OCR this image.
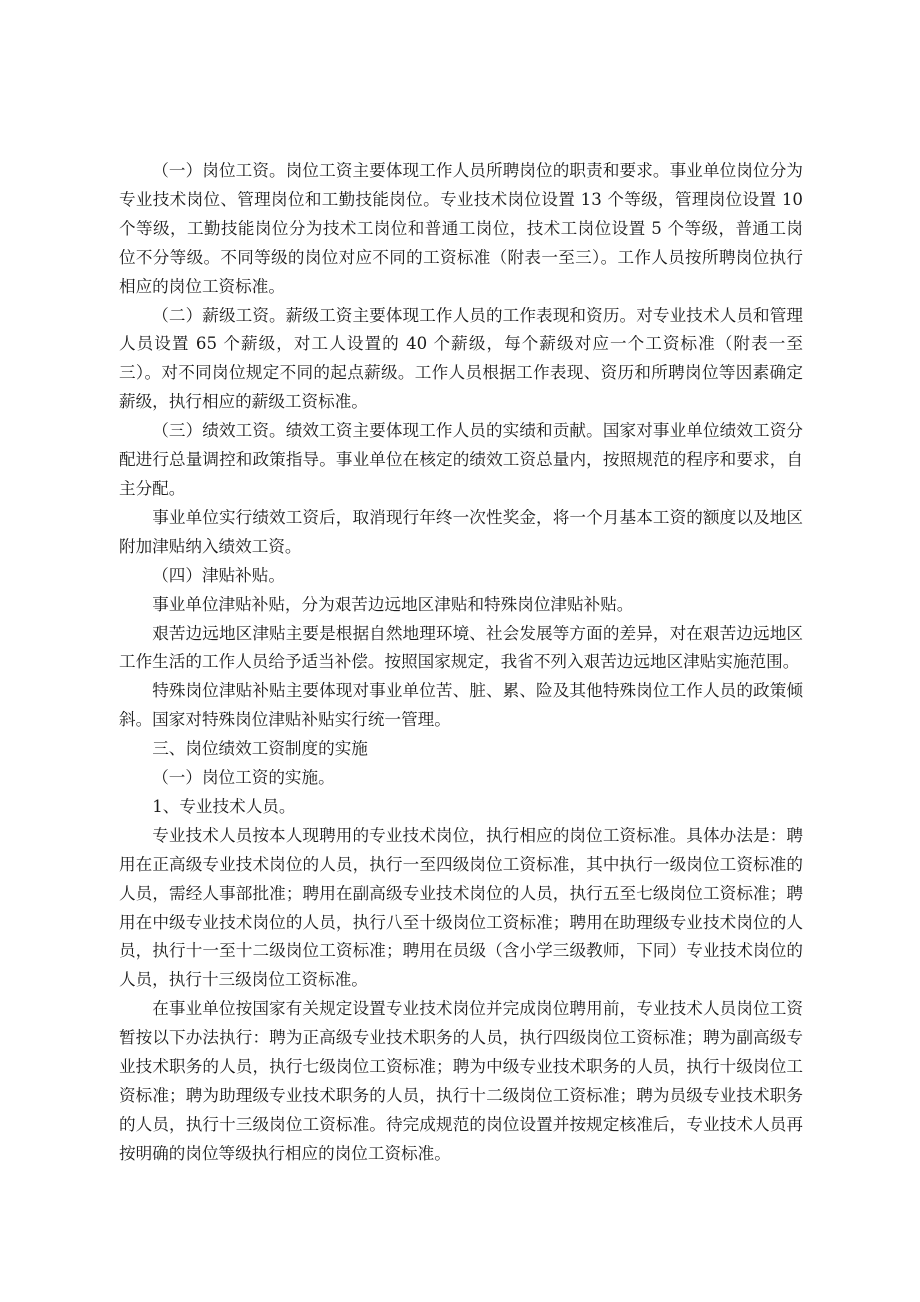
（一）岗位工资。岗位工资主要体现工作人员所聘岗位的职责和要求。事业单位岗位分为专业技术岗位、管理岗位和工勤技能岗位。专业技术岗位设置 13 个等级，管理岗位设置 10 个等级，工勤技能岗位分为技术工岗位和普通工岗位，技术工岗位设置 5 个等级，普通工岗位不分等级。不同等级的岗位对应不同的工资标准（附表一至三）。工作人员按所聘岗位执行相应的岗位工资标准。

（二）薪级工资。薪级工资主要体现工作人员的工作表现和资历。对专业技术人员和管理人员设置 65 个薪级，对工人设置的 40 个薪级，每个薪级对应一个工资标准（附表一至三）。对不同岗位规定不同的起点薪级。工作人员根据工作表现、资历和所聘岗位等因素确定薪级，执行相应的薪级工资标准。

（三）绩效工资。绩效工资主要体现工作人员的实绩和贡献。国家对事业单位绩效工资分配进行总量调控和政策指导。事业单位在核定的绩效工资总量内，按照规范的程序和要求，自主分配。

事业单位实行绩效工资后，取消现行年终一次性奖金，将一个月基本工资的额度以及地区附加津贴纳入绩效工资。

（四）津贴补贴。

事业单位津贴补贴，分为艰苦边远地区津贴和特殊岗位津贴补贴。

艰苦边远地区津贴主要是根据自然地理环境、社会发展等方面的差异，对在艰苦边远地区工作生活的工作人员给予适当补偿。按照国家规定，我省不列入艰苦边远地区津贴实施范围。

特殊岗位津贴补贴主要体现对事业单位苦、脏、累、险及其他特殊岗位工作人员的政策倾斜。国家对特殊岗位津贴补贴实行统一管理。

三、岗位绩效工资制度的实施

（一）岗位工资的实施。

1、专业技术人员。

专业技术人员按本人现聘用的专业技术岗位，执行相应的岗位工资标准。具体办法是：聘用在正高级专业技术岗位的人员，执行一至四级岗位工资标准，其中执行一级岗位工资标准的人员，需经人事部批准；聘用在副高级专业技术岗位的人员，执行五至七级岗位工资标准；聘用在中级专业技术岗位的人员，执行八至十级岗位工资标准；聘用在助理级专业技术岗位的人员，执行十一至十二级岗位工资标准；聘用在员级（含小学三级教师，下同）专业技术岗位的人员，执行十三级岗位工资标准。

在事业单位按国家有关规定设置专业技术岗位并完成岗位聘用前，专业技术人员岗位工资暂按以下办法执行：聘为正高级专业技术职务的人员，执行四级岗位工资标准；聘为副高级专业技术职务的人员，执行七级岗位工资标准；聘为中级专业技术职务的人员，执行十级岗位工资标准；聘为助理级专业技术职务的人员，执行十二级岗位工资标准；聘为员级专业技术职务的人员，执行十三级岗位工资标准。待完成规范的岗位设置并按规定核准后，专业技术人员再按明确的岗位等级执行相应的岗位工资标准。
